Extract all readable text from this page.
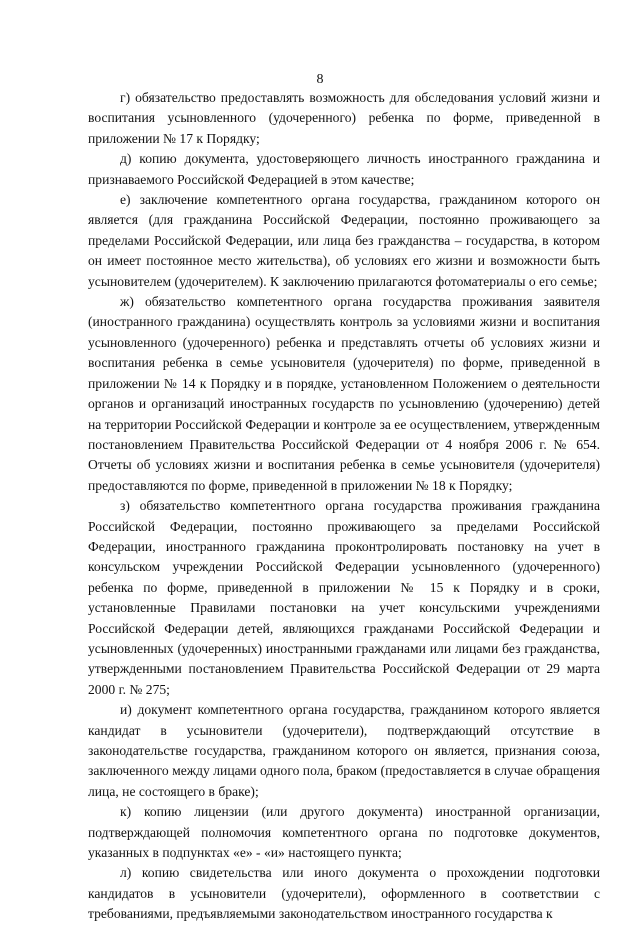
8

г) обязательство предоставлять возможность для обследования условий жизни и воспитания усыновленного (удочеренного) ребенка по форме, приведенной в приложении № 17 к Порядку;

д) копию документа, удостоверяющего личность иностранного гражданина и признаваемого Российской Федерацией в этом качестве;

е) заключение компетентного органа государства, гражданином которого он является (для гражданина Российской Федерации, постоянно проживающего за пределами Российской Федерации, или лица без гражданства – государства, в котором он имеет постоянное место жительства), об условиях его жизни и возможности быть усыновителем (удочерителем). К заключению прилагаются фотоматериалы о его семье;

ж) обязательство компетентного органа государства проживания заявителя (иностранного гражданина) осуществлять контроль за условиями жизни и воспитания усыновленного (удочеренного) ребенка и представлять отчеты об условиях жизни и воспитания ребенка в семье усыновителя (удочерителя) по форме, приведенной в приложении № 14 к Порядку и в порядке, установленном Положением о деятельности органов и организаций иностранных государств по усыновлению (удочерению) детей на территории Российской Федерации и контроле за ее осуществлением, утвержденным постановлением Правительства Российской Федерации от 4 ноября 2006 г. № 654. Отчеты об условиях жизни и воспитания ребенка в семье усыновителя (удочерителя) предоставляются по форме, приведенной в приложении № 18 к Порядку;

з) обязательство компетентного органа государства проживания гражданина Российской Федерации, постоянно проживающего за пределами Российской Федерации, иностранного гражданина проконтролировать постановку на учет в консульском учреждении Российской Федерации усыновленного (удочеренного) ребенка по форме, приведенной в приложении № 15 к Порядку и в сроки, установленные Правилами постановки на учет консульскими учреждениями Российской Федерации детей, являющихся гражданами Российской Федерации и усыновленных (удочеренных) иностранными гражданами или лицами без гражданства, утвержденными постановлением Правительства Российской Федерации от 29 марта 2000 г. № 275;

и) документ компетентного органа государства, гражданином которого является кандидат в усыновители (удочерители), подтверждающий отсутствие в законодательстве государства, гражданином которого он является, признания союза, заключенного между лицами одного пола, браком (предоставляется в случае обращения лица, не состоящего в браке);

к) копию лицензии (или другого документа) иностранной организации, подтверждающей полномочия компетентного органа по подготовке документов, указанных в подпунктах «е» - «и» настоящего пункта;

л) копию свидетельства или иного документа о прохождении подготовки кандидатов в усыновители (удочерители), оформленного в соответствии с требованиями, предъявляемыми законодательством иностранного государства к
